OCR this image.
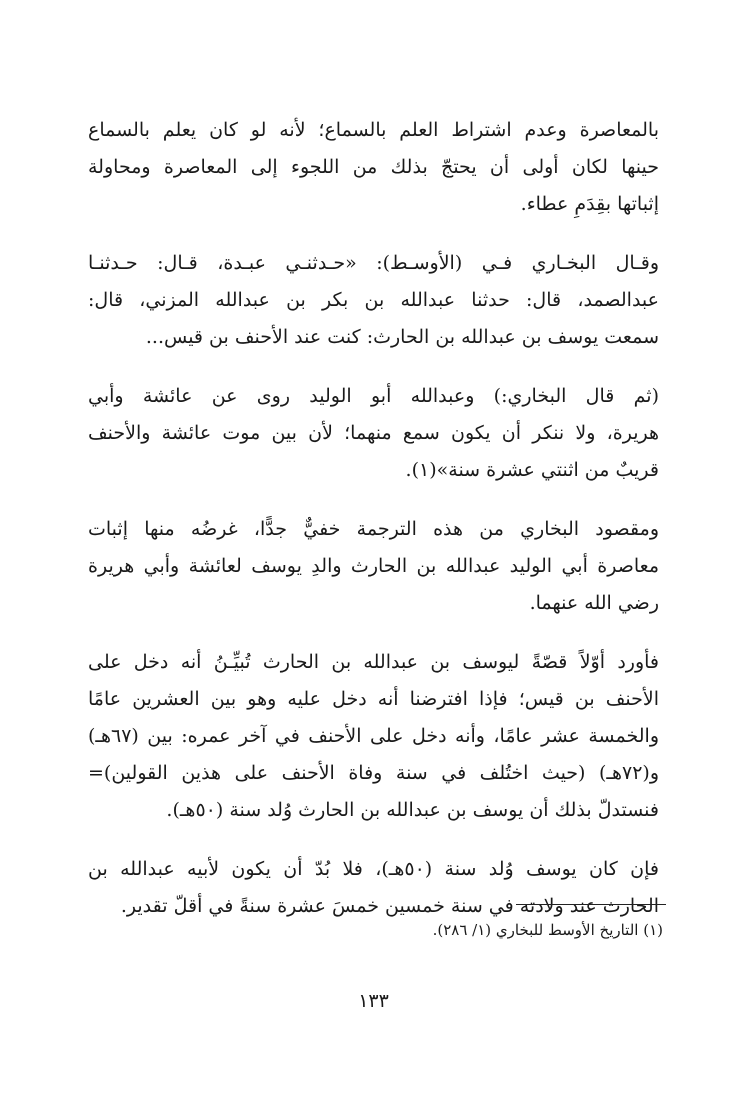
بالمعاصرة وعدم اشتراط العلم بالسماع؛ لأنه لو كان يعلم بالسماع
حينها لكان أولى أن يحتجّ بذلك من اللجوء إلى المعاصرة ومحاولة
إثباتها بقِدَمِ عطاء.
وقـال البخـاري فـي (الأوسـط): «حـدثنـي عبـدة، قـال: حـدثنـا
عبدالصمد، قال: حدثنا عبدالله بن بكر بن عبدالله المزني، قال:
سمعت يوسف بن عبدالله بن الحارث: كنت عند الأحنف بن قيس...
(ثم قال البخاري:) وعبدالله أبو الوليد روى عن عائشة وأبي
هريرة، ولا ننكر أن يكون سمع منهما؛ لأن بين موت عائشة والأحنف
قريبٌ من اثنتي عشرة سنة»(١).
ومقصود البخاري من هذه الترجمة خفيٌّ جدًّا، غرضُه منها إثبات
معاصرة أبي الوليد عبدالله بن الحارث والدِ يوسف لعائشة وأبي هريرة
رضي الله عنهما.
فأورد أوّلاً قصّةً ليوسف بن عبدالله بن الحارث تُبيِّـنُ أنه دخل على
الأحنف بن قيس؛ فإذا افترضنا أنه دخل عليه وهو بين العشرين عامًا
والخمسة عشر عامًا، وأنه دخل على الأحنف في آخر عمره: بين (٦٧هـ)
و(٧٢هـ) (حيث اختُلف في سنة وفاة الأحنف على هذين القولين)=
فنستدلّ بذلك أن يوسف بن عبدالله بن الحارث وُلد سنة (٥٠هـ).
فإن كان يوسف وُلد سنة (٥٠هـ)، فلا بُدّ أن يكون لأبيه عبدالله بن
الحارث عند ولادته في سنة خمسين خمسَ عشرة سنةً في أقلّ تقدير.
(١) التاريخ الأوسط للبخاري (١/ ٢٨٦).
١٣٣
